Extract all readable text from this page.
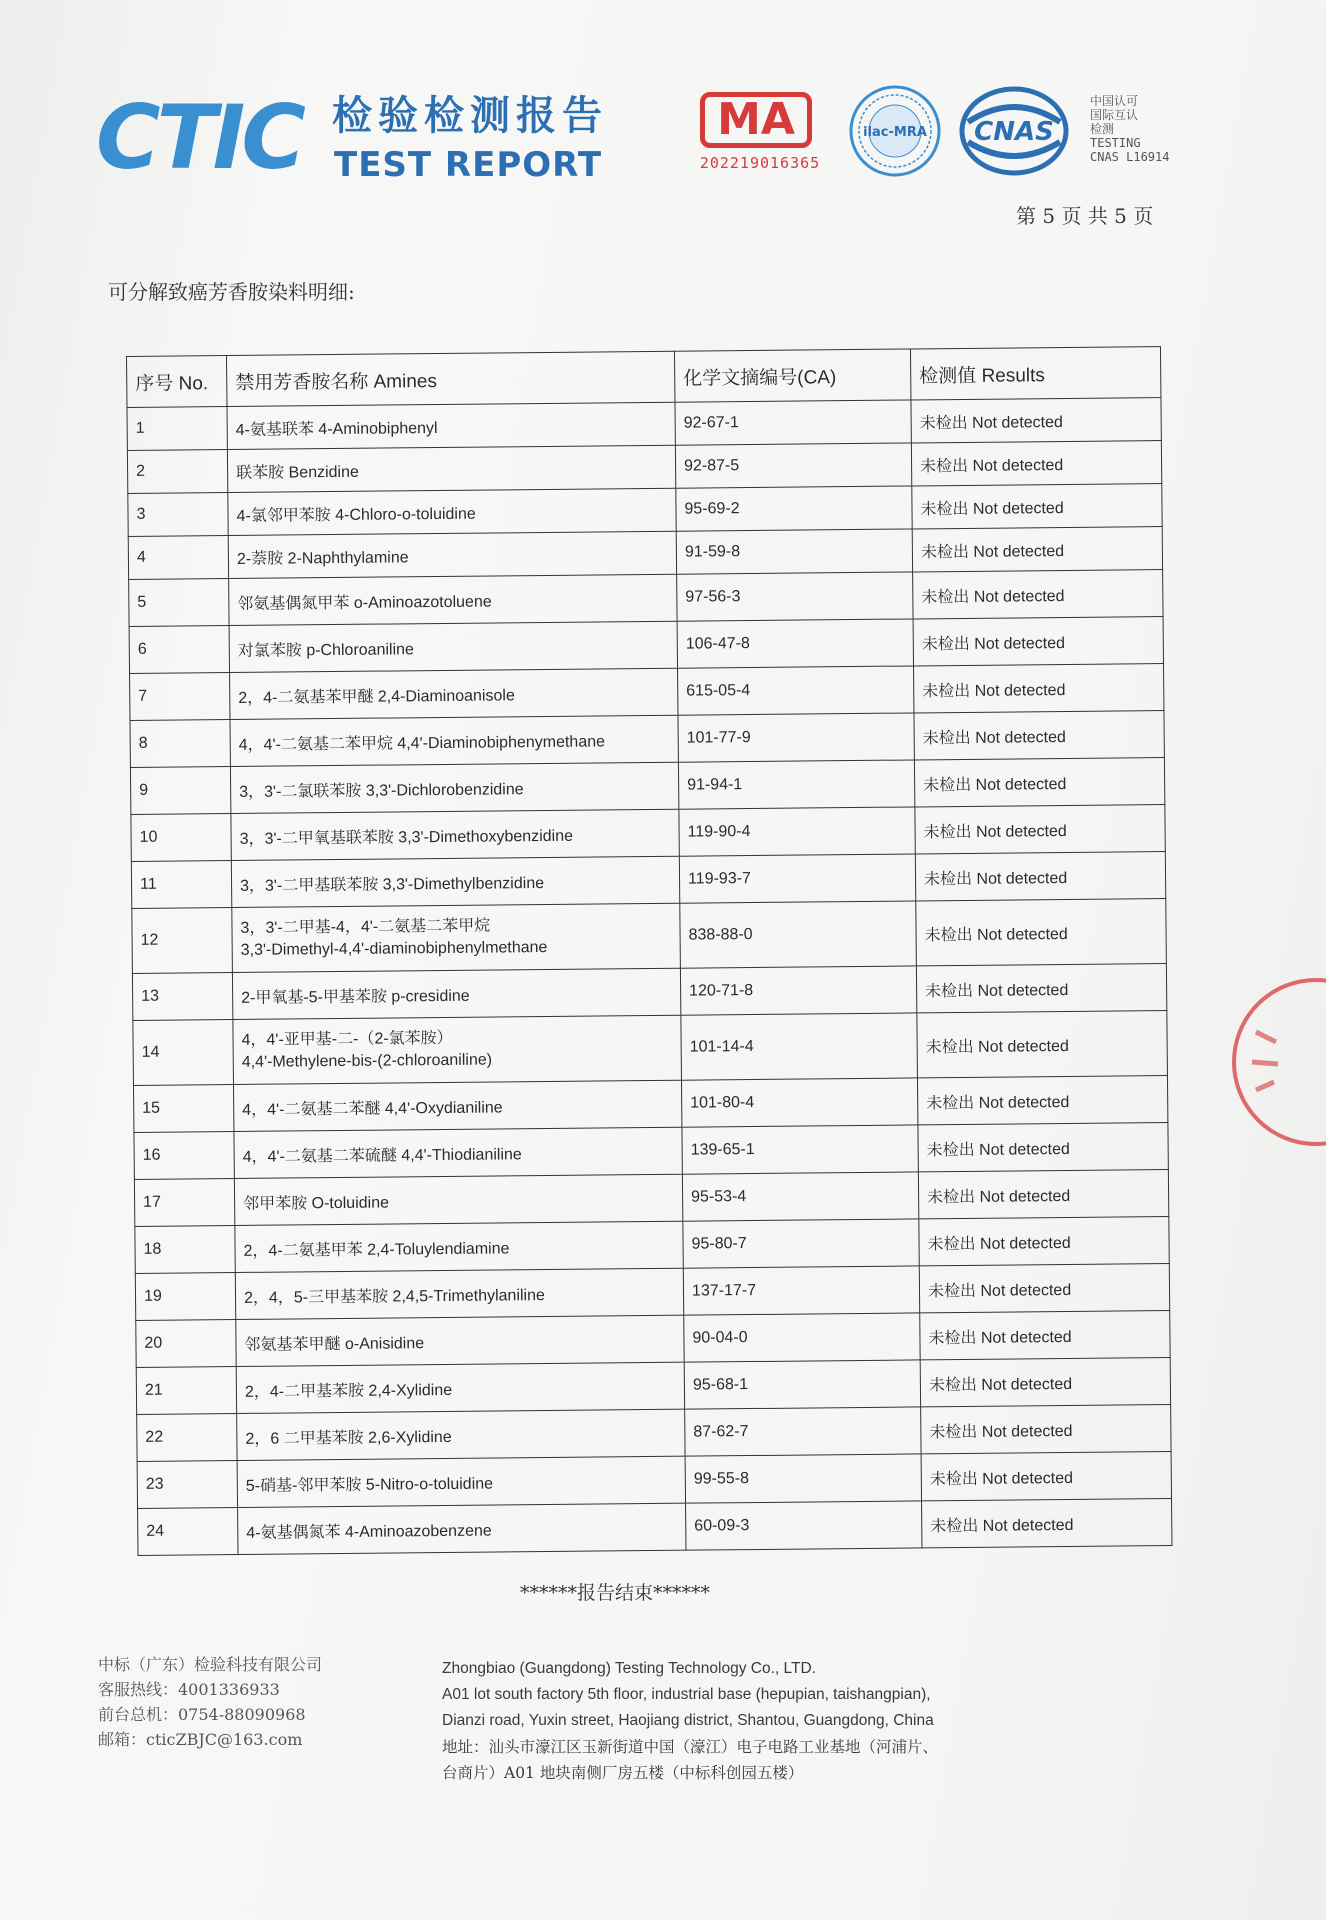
CTIC 检验检测报告
TEST REPORT
MA
202219016365
ilac-MRA CNAS
中国认可
国际互认
检测
TESTING
CNAS L16914
第 5 页 共 5 页
可分解致癌芳香胺染料明细:
序号 No.	禁用芳香胺名称 Amines	化学文摘编号(CA)	检测值 Results
1	4-氨基联苯 4-Aminobiphenyl	92-67-1	未检出 Not detected
2	联苯胺 Benzidine	92-87-5	未检出 Not detected
3	4-氯邻甲苯胺 4-Chloro-o-toluidine	95-69-2	未检出 Not detected
4	2-萘胺 2-Naphthylamine	91-59-8	未检出 Not detected
5	邻氨基偶氮甲苯 o-Aminoazotoluene	97-56-3	未检出 Not detected
6	对氯苯胺 p-Chloroaniline	106-47-8	未检出 Not detected
7	2，4-二氨基苯甲醚 2,4-Diaminoanisole	615-05-4	未检出 Not detected
8	4，4'-二氨基二苯甲烷 4,4'-Diaminobiphenymethane	101-77-9	未检出 Not detected
9	3，3'-二氯联苯胺 3,3'-Dichlorobenzidine	91-94-1	未检出 Not detected
10	3，3'-二甲氧基联苯胺 3,3'-Dimethoxybenzidine	119-90-4	未检出 Not detected
11	3，3'-二甲基联苯胺 3,3'-Dimethylbenzidine	119-93-7	未检出 Not detected
12	3，3'-二甲基-4，4'-二氨基二苯甲烷
3,3'-Dimethyl-4,4'-diaminobiphenylmethane	838-88-0	未检出 Not detected
13	2-甲氧基-5-甲基苯胺 p-cresidine	120-71-8	未检出 Not detected
14	4，4'-亚甲基-二-（2-氯苯胺）
4,4'-Methylene-bis-(2-chloroaniline)	101-14-4	未检出 Not detected
15	4，4'-二氨基二苯醚 4,4'-Oxydianiline	101-80-4	未检出 Not detected
16	4，4'-二氨基二苯硫醚 4,4'-Thiodianiline	139-65-1	未检出 Not detected
17	邻甲苯胺 O-toluidine	95-53-4	未检出 Not detected
18	2，4-二氨基甲苯 2,4-Toluylendiamine	95-80-7	未检出 Not detected
19	2，4，5-三甲基苯胺 2,4,5-Trimethylaniline	137-17-7	未检出 Not detected
20	邻氨基苯甲醚 o-Anisidine	90-04-0	未检出 Not detected
21	2，4-二甲基苯胺 2,4-Xylidine	95-68-1	未检出 Not detected
22	2，6 二甲基苯胺 2,6-Xylidine	87-62-7	未检出 Not detected
23	5-硝基-邻甲苯胺 5-Nitro-o-toluidine	99-55-8	未检出 Not detected
24	4-氨基偶氮苯 4-Aminoazobenzene	60-09-3	未检出 Not detected
******报告结束******
中标（广东）检验科技有限公司
客服热线：4001336933
前台总机：0754-88090968
邮箱：cticZBJC@163.com
Zhongbiao (Guangdong) Testing Technology Co., LTD.
A01 lot south factory 5th floor, industrial base (hepupian, taishangpian),
Dianzi road, Yuxin street, Haojiang district, Shantou, Guangdong, China
地址：汕头市濠江区玉新街道中国（濠江）电子电路工业基地（河浦片、
台商片）A01 地块南侧厂房五楼（中标科创园五楼）
